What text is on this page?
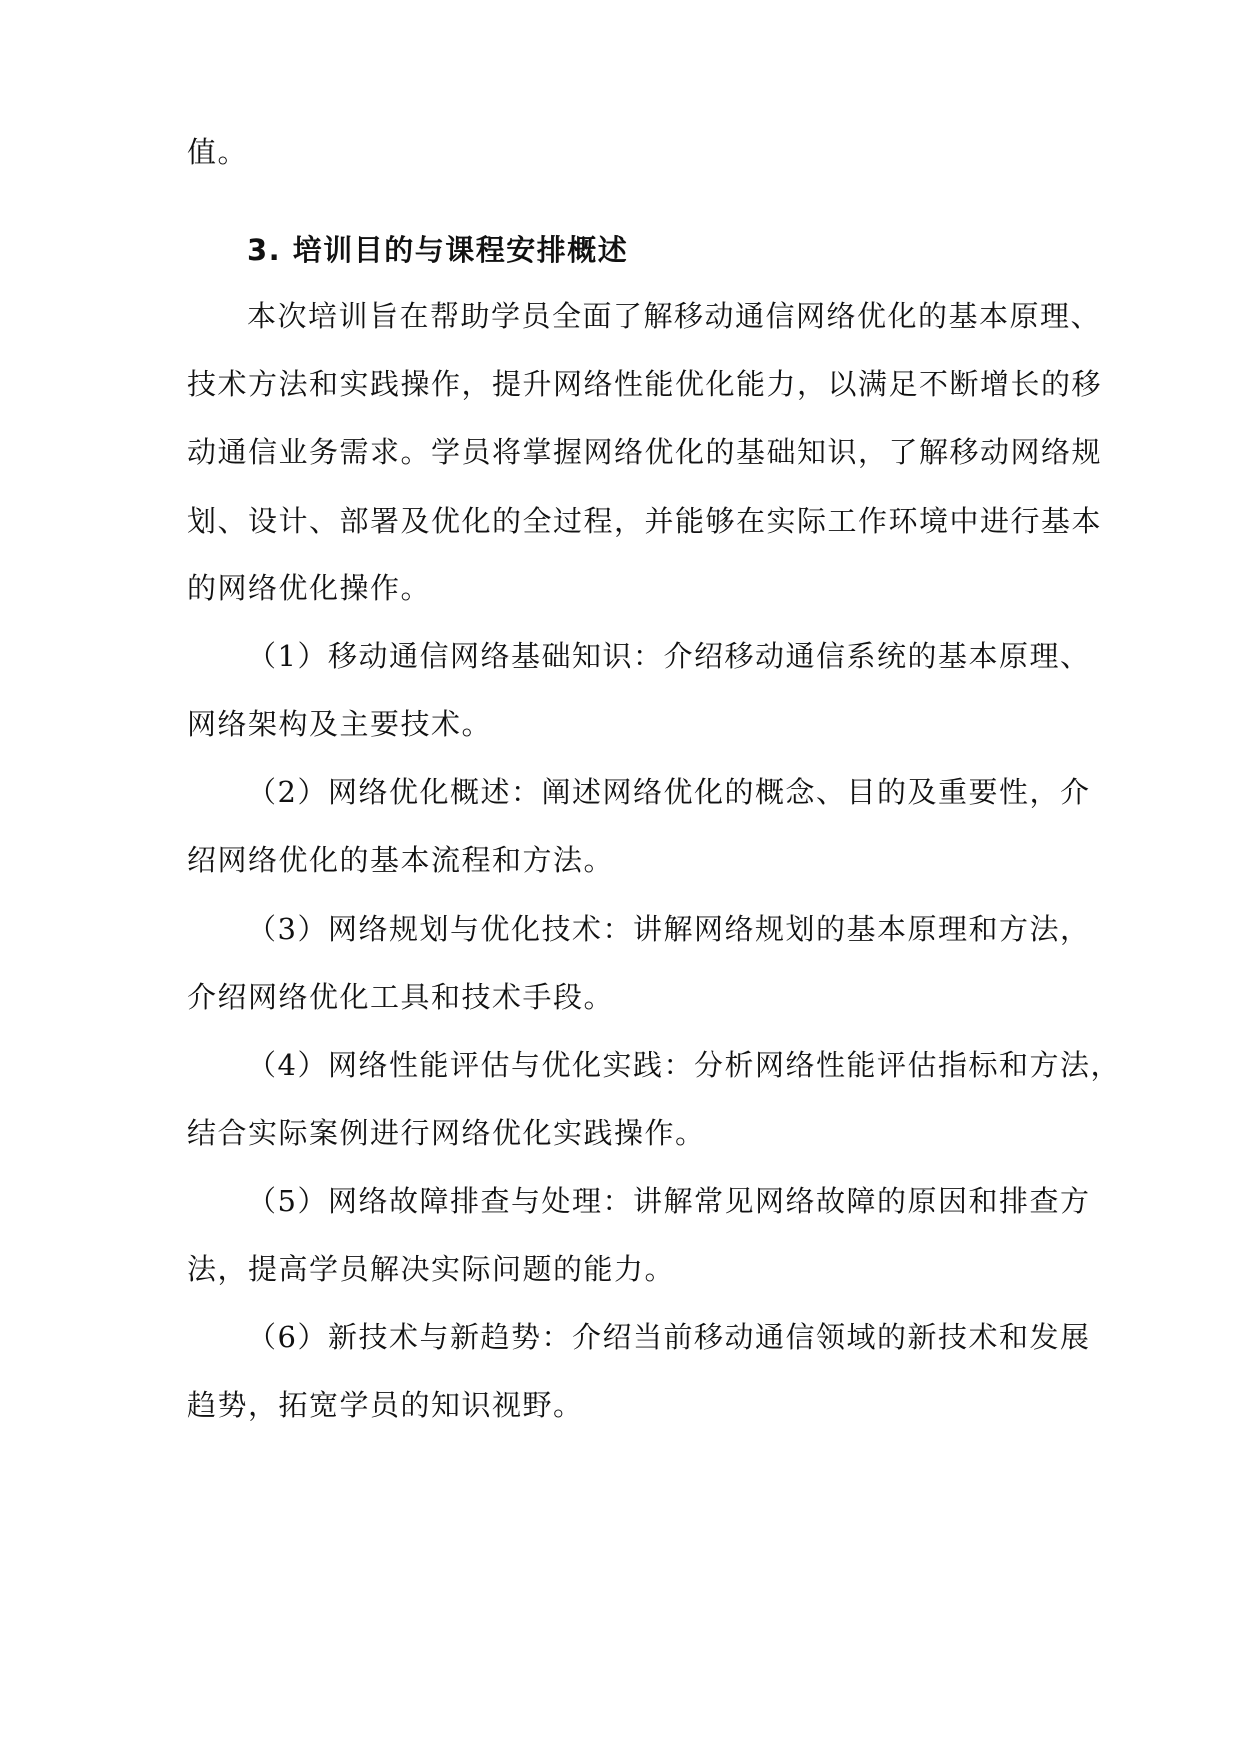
值。

3. 培训目的与课程安排概述

本次培训旨在帮助学员全面了解移动通信网络优化的基本原理、

技术方法和实践操作，提升网络性能优化能力，以满足不断增长的移

动通信业务需求。学员将掌握网络优化的基础知识，了解移动网络规

划、设计、部署及优化的全过程，并能够在实际工作环境中进行基本

的网络优化操作。

（1）移动通信网络基础知识：介绍移动通信系统的基本原理、

网络架构及主要技术。

（2）网络优化概述：阐述网络优化的概念、目的及重要性，介

绍网络优化的基本流程和方法。

（3）网络规划与优化技术：讲解网络规划的基本原理和方法，

介绍网络优化工具和技术手段。

（4）网络性能评估与优化实践：分析网络性能评估指标和方法，

结合实际案例进行网络优化实践操作。

（5）网络故障排查与处理：讲解常见网络故障的原因和排查方

法，提高学员解决实际问题的能力。

（6）新技术与新趋势：介绍当前移动通信领域的新技术和发展

趋势，拓宽学员的知识视野。
